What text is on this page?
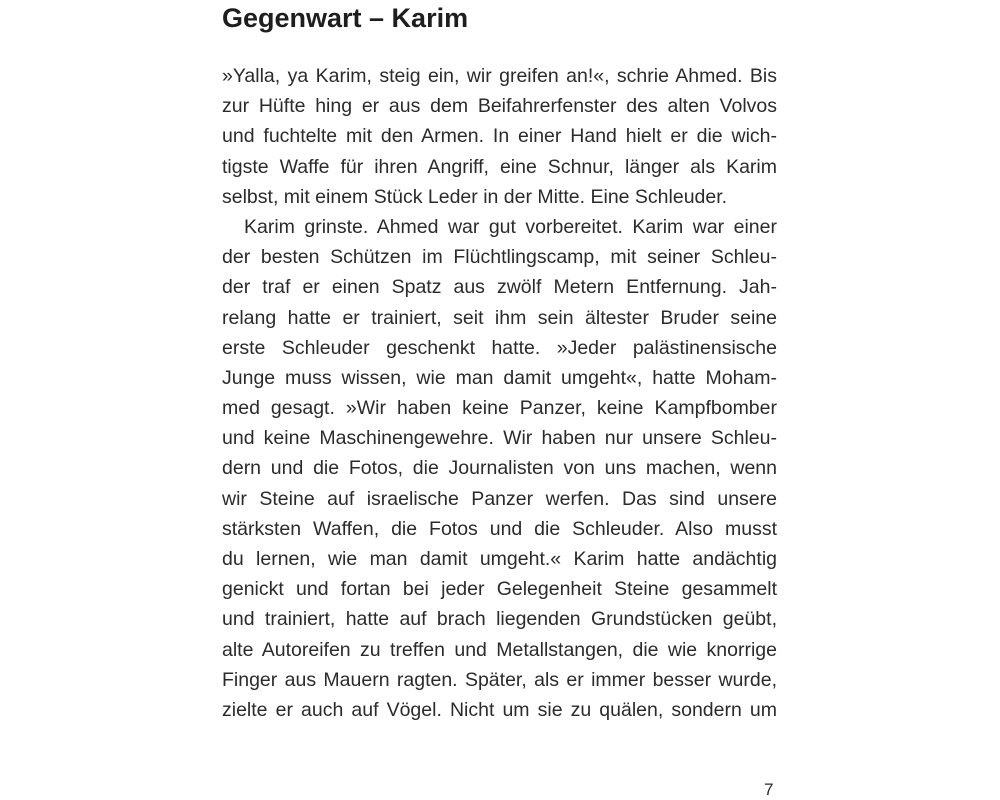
Gegenwart – Karim
»Yalla, ya Karim, steig ein, wir greifen an!«, schrie Ahmed. Bis
zur Hüfte hing er aus dem Beifahrerfenster des alten Volvos
und fuchtelte mit den Armen. In einer Hand hielt er die wich-
tigste Waffe für ihren Angriff, eine Schnur, länger als Karim
selbst, mit einem Stück Leder in der Mitte. Eine Schleuder.
Karim grinste. Ahmed war gut vorbereitet. Karim war einer
der besten Schützen im Flüchtlingscamp, mit seiner Schleu-
der traf er einen Spatz aus zwölf Metern Entfernung. Jah-
relang hatte er trainiert, seit ihm sein ältester Bruder seine
erste Schleuder geschenkt hatte. »Jeder palästinensische
Junge muss wissen, wie man damit umgeht«, hatte Moham-
med gesagt. »Wir haben keine Panzer, keine Kampfbomber
und keine Maschinengewehre. Wir haben nur unsere Schleu-
dern und die Fotos, die Journalisten von uns machen, wenn
wir Steine auf israelische Panzer werfen. Das sind unsere
stärksten Waffen, die Fotos und die Schleuder. Also musst
du lernen, wie man damit umgeht.« Karim hatte andächtig
genickt und fortan bei jeder Gelegenheit Steine gesammelt
und trainiert, hatte auf brach liegenden Grundstücken geübt,
alte Autoreifen zu treffen und Metallstangen, die wie knorrige
Finger aus Mauern ragten. Später, als er immer besser wurde,
zielte er auch auf Vögel. Nicht um sie zu quälen, sondern um
7
